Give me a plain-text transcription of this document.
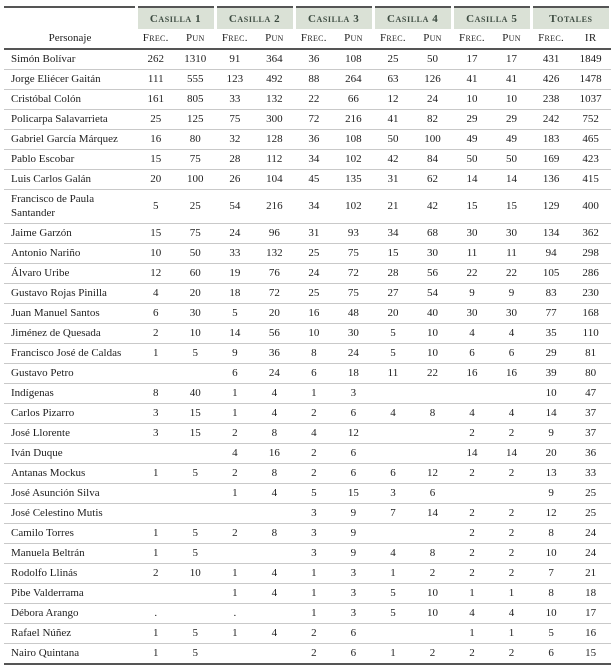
	Casilla 1		Casilla 2		Casilla 3		Casilla 4		Casilla 5		Totales	
Personaje	Frec.	Pun	Frec.	Pun	Frec.	Pun	Frec.	Pun	Frec.	Pun	Frec.	IR
Simón Bolívar	262	1310	91	364	36	108	25	50	17	17	431	1849
Jorge Eliécer Gaitán	111	555	123	492	88	264	63	126	41	41	426	1478
Cristóbal Colón	161	805	33	132	22	66	12	24	10	10	238	1037
Policarpa Salavarrieta	25	125	75	300	72	216	41	82	29	29	242	752
Gabriel García Márquez	16	80	32	128	36	108	50	100	49	49	183	465
Pablo Escobar	15	75	28	112	34	102	42	84	50	50	169	423
Luis Carlos Galán	20	100	26	104	45	135	31	62	14	14	136	415
Francisco de Paula Santander	5	25	54	216	34	102	21	42	15	15	129	400
Jaime Garzón	15	75	24	96	31	93	34	68	30	30	134	362
Antonio Nariño	10	50	33	132	25	75	15	30	11	11	94	298
Álvaro Uribe	12	60	19	76	24	72	28	56	22	22	105	286
Gustavo Rojas Pinilla	4	20	18	72	25	75	27	54	9	9	83	230
Juan Manuel Santos	6	30	5	20	16	48	20	40	30	30	77	168
Jiménez de Quesada	2	10	14	56	10	30	5	10	4	4	35	110
Francisco José de Caldas	1	5	9	36	8	24	5	10	6	6	29	81
Gustavo Petro			6	24	6	18	11	22	16	16	39	80
Indígenas	8	40	1	4	1	3					10	47
Carlos Pizarro	3	15	1	4	2	6	4	8	4	4	14	37
José Llorente	3	15	2	8	4	12			2	2	9	37
Iván Duque			4	16	2	6			14	14	20	36
Antanas Mockus	1	5	2	8	2	6	6	12	2	2	13	33
José Asunción Silva			1	4	5	15	3	6			9	25
José Celestino Mutis					3	9	7	14	2	2	12	25
Camilo Torres	1	5	2	8	3	9			2	2	8	24
Manuela Beltrán	1	5			3	9	4	8	2	2	10	24
Rodolfo Llinás	2	10	1	4	1	3	1	2	2	2	7	21
Pibe Valderrama			1	4	1	3	5	10	1	1	8	18
Débora Arango	.		.		1	3	5	10	4	4	10	17
Rafael Núñez	1	5	1	4	2	6			1	1	5	16
Nairo Quintana	1	5			2	6	1	2	2	2	6	15
